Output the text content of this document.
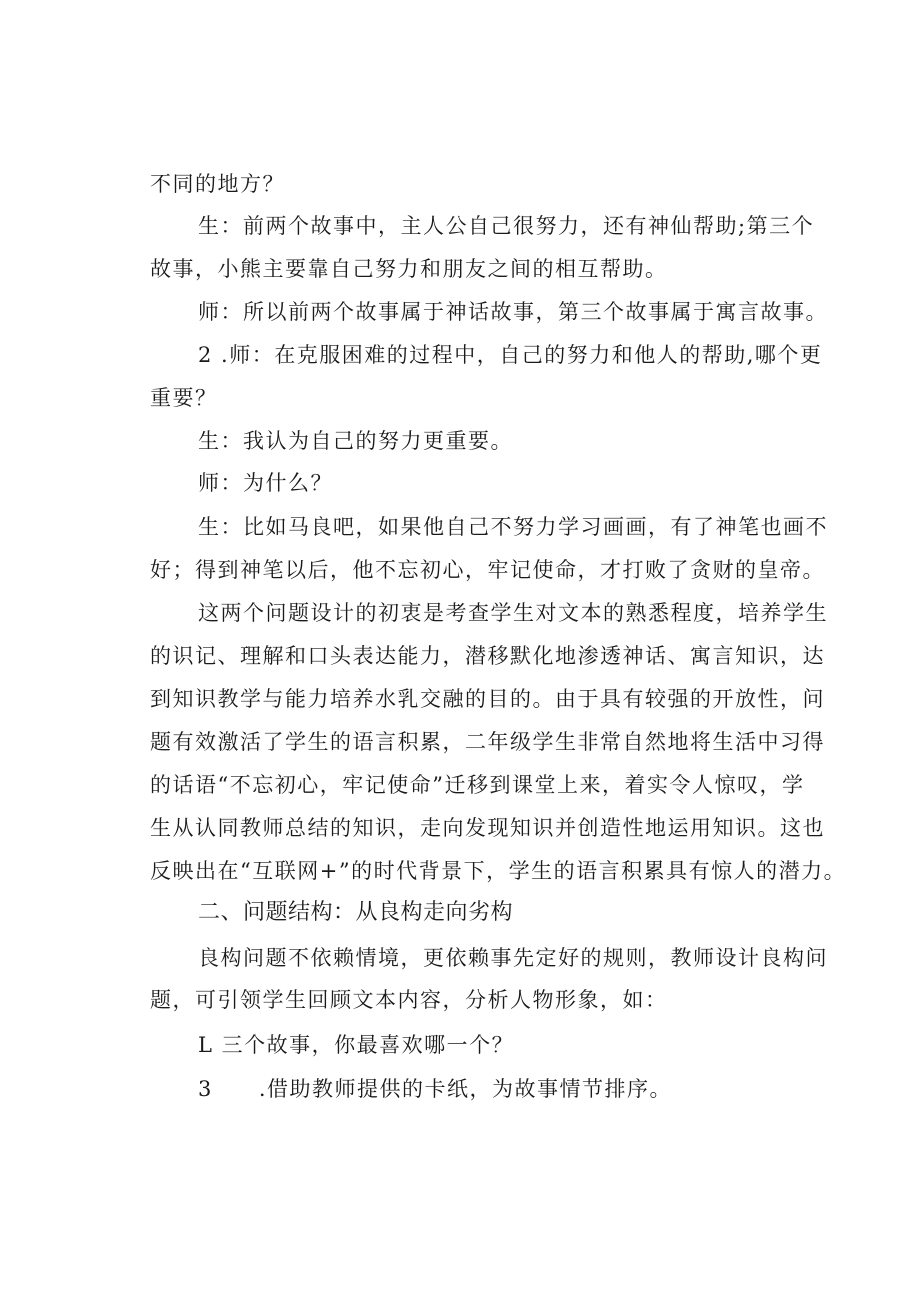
不同的地方？
生：前两个故事中，主人公自己很努力，还有神仙帮助;第三个
故事，小熊主要靠自己努力和朋友之间的相互帮助。
师：所以前两个故事属于神话故事，第三个故事属于寓言故事。
2 .师：在克服困难的过程中，自己的努力和他人的帮助,哪个更
重要？
生：我认为自己的努力更重要。
师：为什么？
生：比如马良吧，如果他自己不努力学习画画，有了神笔也画不
好；得到神笔以后，他不忘初心，牢记使命，才打败了贪财的皇帝。
这两个问题设计的初衷是考查学生对文本的熟悉程度，培养学生
的识记、理解和口头表达能力，潜移默化地渗透神话、寓言知识，达
到知识教学与能力培养水乳交融的目的。由于具有较强的开放性，问
题有效激活了学生的语言积累，二年级学生非常自然地将生活中习得
的话语“不忘初心，牢记使命”迁移到课堂上来，着实令人惊叹，学
生从认同教师总结的知识，走向发现知识并创造性地运用知识。这也
反映出在“互联网+”的时代背景下，学生的语言积累具有惊人的潜力。
二、问题结构：从良构走向劣构
良构问题不依赖情境，更依赖事先定好的规则，教师设计良构问
题，可引领学生回顾文本内容，分析人物形象，如：
L 三个故事，你最喜欢哪一个？
3 .借助教师提供的卡纸，为故事情节排序。
